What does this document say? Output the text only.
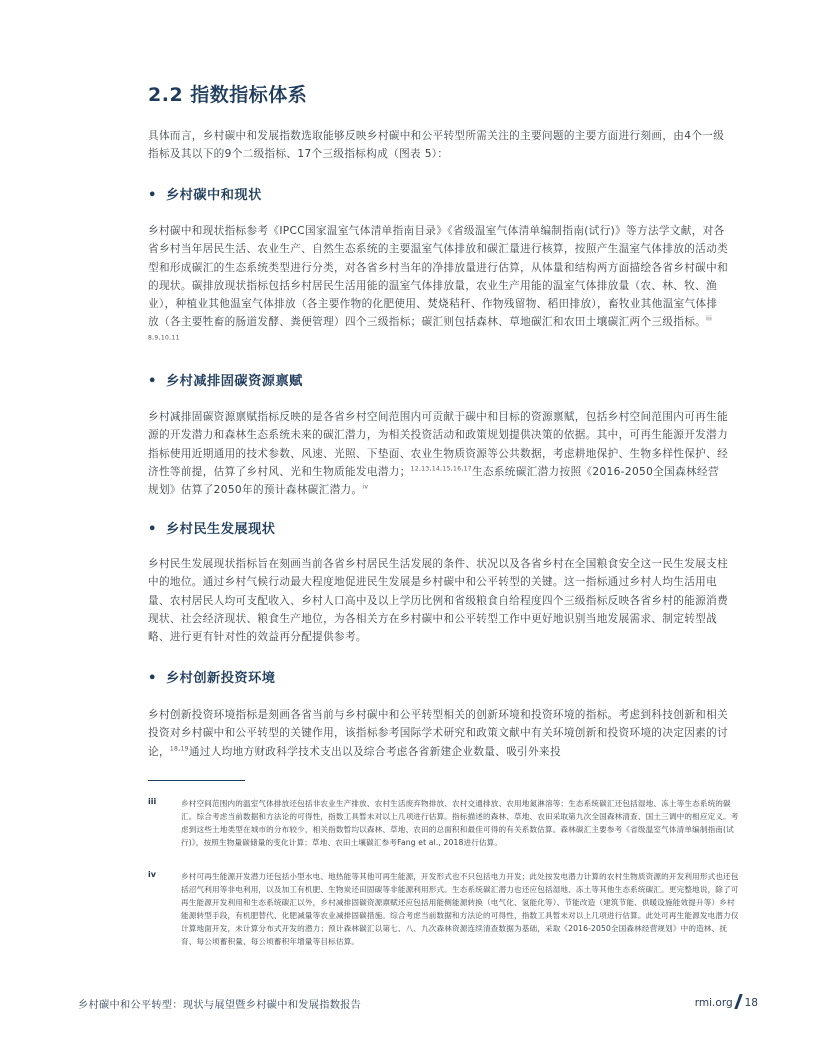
2.2 指数指标体系

具体而言，乡村碳中和发展指数选取能够反映乡村碳中和公平转型所需关注的主要问题的主要方面进行刻画，由4个一级指标及其以下的9个二级指标、17个三级指标构成（图表 5）：

• 乡村碳中和现状

乡村碳中和现状指标参考《IPCC国家温室气体清单指南目录》《省级温室气体清单编制指南(试行)》等方法学文献，对各省乡村当年居民生活、农业生产、自然生态系统的主要温室气体排放和碳汇量进行核算，按照产生温室气体排放的活动类型和形成碳汇的生态系统类型进行分类，对各省乡村当年的净排放量进行估算，从体量和结构两方面描绘各省乡村碳中和的现状。碳排放现状指标包括乡村居民生活用能的温室气体排放量，农业生产用能的温室气体排放量（农、林、牧、渔业），种植业其他温室气体排放（各主要作物的化肥使用、焚烧秸秆、作物残留物、稻田排放），畜牧业其他温室气体排放（各主要牲畜的肠道发酵、粪便管理）四个三级指标；碳汇则包括森林、草地碳汇和农田土壤碳汇两个三级指标。$^{iii 8,9,10,11}$

• 乡村减排固碳资源禀赋

乡村减排固碳资源禀赋指标反映的是各省乡村空间范围内可贡献于碳中和目标的资源禀赋，包括乡村空间范围内可再生能源的开发潜力和森林生态系统未来的碳汇潜力，为相关投资活动和政策规划提供决策的依据。其中，可再生能源开发潜力指标使用近期通用的技术参数、风速、光照、下垫面、农业生物质资源等公共数据，考虑耕地保护、生物多样性保护、经济性等前提，估算了乡村风、光和生物质能发电潜力；$^{12,13,14,15,16,17}$生态系统碳汇潜力按照《2016-2050全国森林经营规划》估算了2050年的预计森林碳汇潜力。$^{iv}$

• 乡村民生发展现状

乡村民生发展现状指标旨在刻画当前各省乡村居民生活发展的条件、状况以及各省乡村在全国粮食安全这一民生发展支柱 中的地位。通过乡村气候行动最大程度地促进民生发展是乡村碳中和公平转型的关键。这一指标通过乡村人均生活用电量、农村居民人均可支配收入、乡村人口高中及以上学历比例和省级粮食自给程度四个三级指标反映各省乡村的能源消费现状、社会经济现状、粮食生产地位，为各相关方在乡村碳中和公平转型工作中更好地识别当地发展需求、制定转型战略、进行更有针对性的效益再分配提供参考。

• 乡村创新投资环境

乡村创新投资环境指标是刻画各省当前与乡村碳中和公平转型相关的创新环境和投资环境的指标。考虑到科技创新和相关投资对乡村碳中和公平转型的关键作用，该指标参考国际学术研究和政策文献中有关环境创新和投资环境的决定因素的讨论，$^{18,19}$通过人均地方财政科学技术支出以及综合考虑各省新建企业数量、吸引外来投

iii	乡村空间范围内的温室气体排放还包括非农业生产排放、农村生活废弃物排放、农村交通排放、农用地氮淋溶等；生态系统碳汇还包括湿地、冻土等生态系统的碳汇。综合考虑当前数据和方法论的可得性，指数工具暂未对以上几项进行估算。指标描述的森林、草地、农田采取第九次全国森林清查、国土三调中的相应定义。考虑到这些土地类型在城市的分布较少，相关指数暂均以森林、草地、农田的总面积和最佳可得的有关系数估算。森林碳汇主要参考《省级温室气体清单编制指南(试行)》，按照生物量碳储量的变化计算；草地、农田土壤碳汇参考Fang et al., 2018进行估算。

iv	乡村可再生能源开发潜力还包括小型水电、地热能等其他可再生能源，开发形式也不只包括电力开发；此处按发电潜力计算的农村生物质资源的开发利用形式也还包括沼气利用等非电利用，以及加工有机肥、生物炭还田固碳等非能源利用形式。生态系统碳汇潜力也还应包括湿地、冻土等其他生态系统碳汇。更完整地说，除了可再生能源开发利用和生态系统碳汇以外，乡村减排固碳资源禀赋还应包括用能侧能源转换（电气化、氢能化等）、节能改造（建筑节能、供暖设施能效提升等）乡村能源转型手段，有机肥替代、化肥减量等农业减排固碳措施。综合考虑当前数据和方法论的可得性，指数工具暂未对以上几项进行估算。此处可再生能源发电潜力仅计算地面开发，未计算分布式开发的潜力；预计森林碳汇以第七、八、九次森林资源连续清查数据为基础，采取《2016-2050全国森林经营规划》中的造林、抚育、每公顷蓄积量、每公顷蓄积年增量等目标估算。

乡村碳中和公平转型：现状与展望暨乡村碳中和发展指数报告	rmi.org 18
